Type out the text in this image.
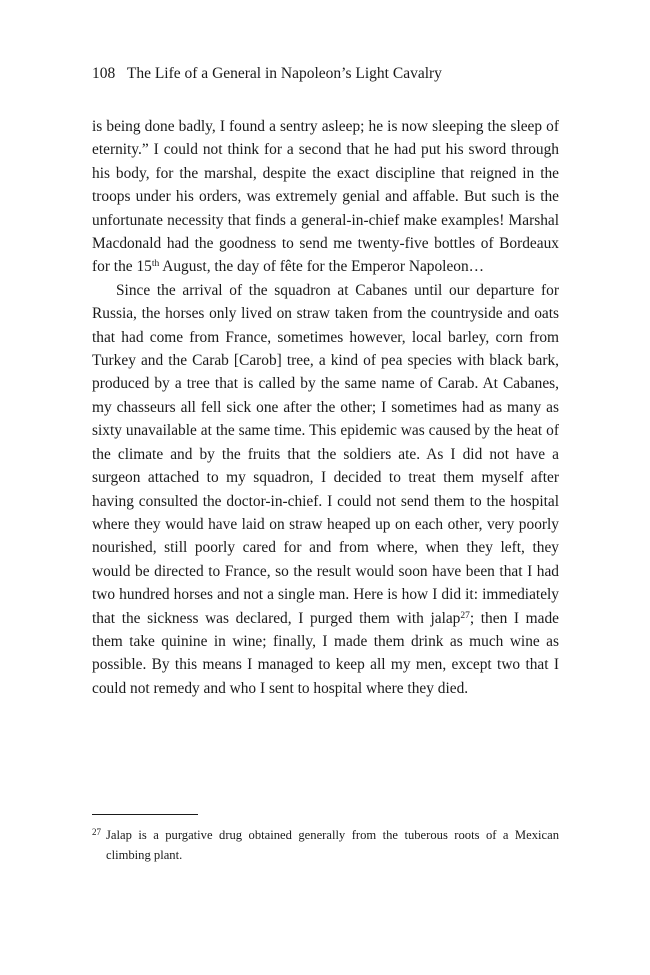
108 The Life of a General in Napoleon’s Light Cavalry

is being done badly, I found a sentry asleep; he is now sleeping the sleep of eternity.” I could not think for a second that he had put his sword through his body, for the marshal, despite the exact discipline that reigned in the troops under his orders, was extremely genial and affable. But such is the unfortunate necessity that finds a general-in-chief make examples! Marshal Macdonald had the goodness to send me twenty-five bottles of Bordeaux for the 15th August, the day of fête for the Emperor Napoleon…

Since the arrival of the squadron at Cabanes until our departure for Russia, the horses only lived on straw taken from the countryside and oats that had come from France, sometimes however, local barley, corn from Turkey and the Carab [Carob] tree, a kind of pea species with black bark, produced by a tree that is called by the same name of Carab. At Cabanes, my chasseurs all fell sick one after the other; I sometimes had as many as sixty unavailable at the same time. This epidemic was caused by the heat of the climate and by the fruits that the soldiers ate. As I did not have a surgeon attached to my squadron, I decided to treat them myself after having consulted the doctor-in-chief. I could not send them to the hospital where they would have laid on straw heaped up on each other, very poorly nourished, still poorly cared for and from where, when they left, they would be directed to France, so the result would soon have been that I had two hundred horses and not a single man. Here is how I did it: immediately that the sickness was declared, I purged them with jalap$^{27}$; then I made them take quinine in wine; finally, I made them drink as much wine as possible. By this means I managed to keep all my men, except two that I could not remedy and who I sent to hospital where they died.

27 Jalap is a purgative drug obtained generally from the tuberous roots of a Mexican climbing plant.
